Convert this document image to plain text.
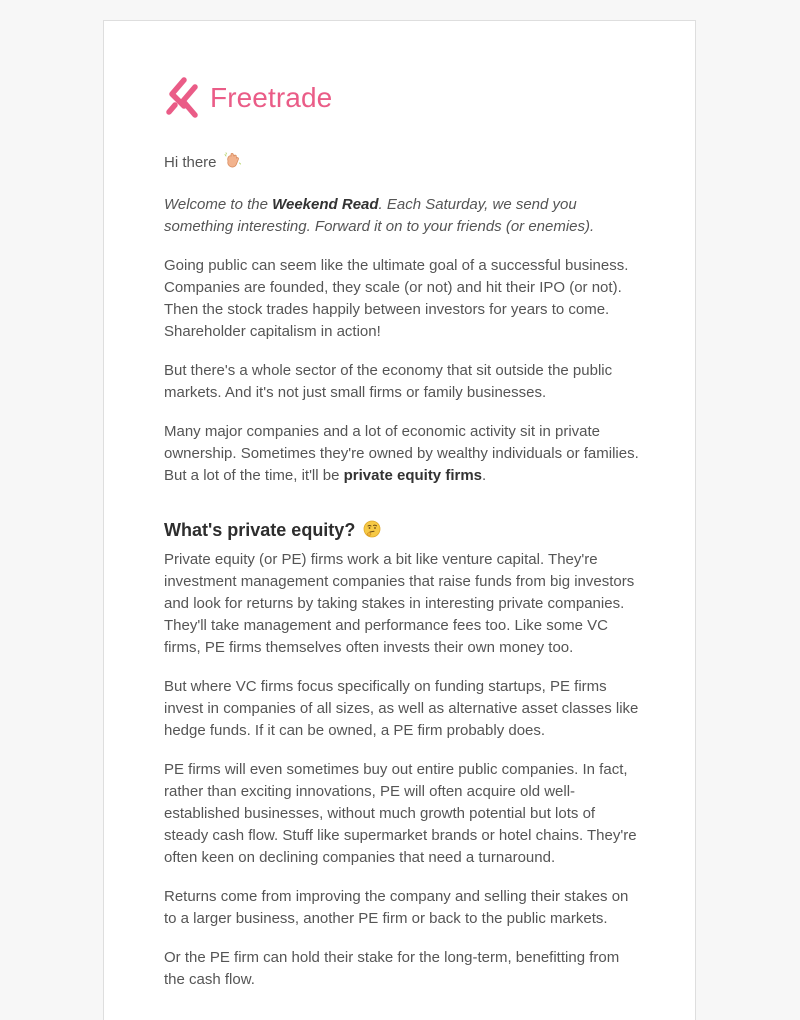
Freetrade

Hi there

Welcome to the Weekend Read. Each Saturday, we send you something interesting. Forward it on to your friends (or enemies).

Going public can seem like the ultimate goal of a successful business. Companies are founded, they scale (or not) and hit their IPO (or not). Then the stock trades happily between investors for years to come. Shareholder capitalism in action!

But there's a whole sector of the economy that sit outside the public markets. And it's not just small firms or family businesses.

Many major companies and a lot of economic activity sit in private ownership. Sometimes they're owned by wealthy individuals or families. But a lot of the time, it'll be private equity firms.

What's private equity?

Private equity (or PE) firms work a bit like venture capital. They're investment management companies that raise funds from big investors and look for returns by taking stakes in interesting private companies. They'll take management and performance fees too. Like some VC firms, PE firms themselves often invests their own money too.

But where VC firms focus specifically on funding startups, PE firms invest in companies of all sizes, as well as alternative asset classes like hedge funds. If it can be owned, a PE firm probably does.

PE firms will even sometimes buy out entire public companies. In fact, rather than exciting innovations, PE will often acquire old well-established businesses, without much growth potential but lots of steady cash flow. Stuff like supermarket brands or hotel chains. They're often keen on declining companies that need a turnaround.

Returns come from improving the company and selling their stakes on to a larger business, another PE firm or back to the public markets.

Or the PE firm can hold their stake for the long-term, benefitting from the cash flow.
